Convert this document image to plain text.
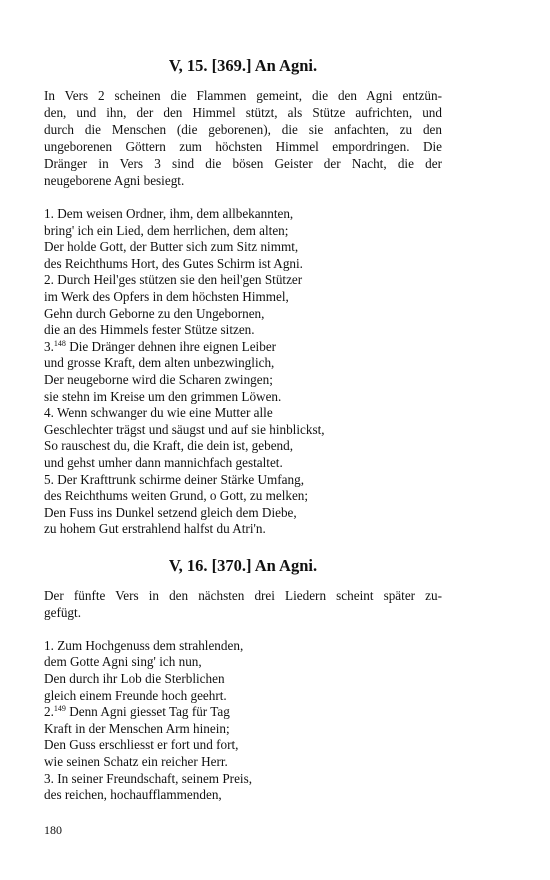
V, 15. [369.] An Agni.
In Vers 2 scheinen die Flammen gemeint, die den Agni entzün-
den, und ihn, der den Himmel stützt, als Stütze aufrichten, und
durch die Menschen (die geborenen), die sie anfachten, zu den
ungeborenen Göttern zum höchsten Himmel empordringen. Die
Dränger in Vers 3 sind die bösen Geister der Nacht, die der
neugeborene Agni besiegt.
1. Dem weisen Ordner, ihm, dem allbekannten,
bring' ich ein Lied, dem herrlichen, dem alten;
Der holde Gott, der Butter sich zum Sitz nimmt,
des Reichthums Hort, des Gutes Schirm ist Agni.
2. Durch Heil'ges stützen sie den heil'gen Stützer
im Werk des Opfers in dem höchsten Himmel,
Gehn durch Geborne zu den Ungebornen,
die an des Himmels fester Stütze sitzen.
3.$^{148}$ Die Dränger dehnen ihre eignen Leiber
und grosse Kraft, dem alten unbezwinglich,
Der neugeborne wird die Scharen zwingen;
sie stehn im Kreise um den grimmen Löwen.
4. Wenn schwanger du wie eine Mutter alle
Geschlechter trägst und säugst und auf sie hinblickst,
So rauschest du, die Kraft, die dein ist, gebend,
und gehst umher dann mannichfach gestaltet.
5. Der Krafttrunk schirme deiner Stärke Umfang,
des Reichthums weiten Grund, o Gott, zu melken;
Den Fuss ins Dunkel setzend gleich dem Diebe,
zu hohem Gut erstrahlend halfst du Atri'n.
V, 16. [370.] An Agni.
Der fünfte Vers in den nächsten drei Liedern scheint später zu-
gefügt.
1. Zum Hochgenuss dem strahlenden,
dem Gotte Agni sing' ich nun,
Den durch ihr Lob die Sterblichen
gleich einem Freunde hoch geehrt.
2.$^{149}$ Denn Agni giesset Tag für Tag
Kraft in der Menschen Arm hinein;
Den Guss erschliesst er fort und fort,
wie seinen Schatz ein reicher Herr.
3. In seiner Freundschaft, seinem Preis,
des reichen, hochaufflammenden,
180
